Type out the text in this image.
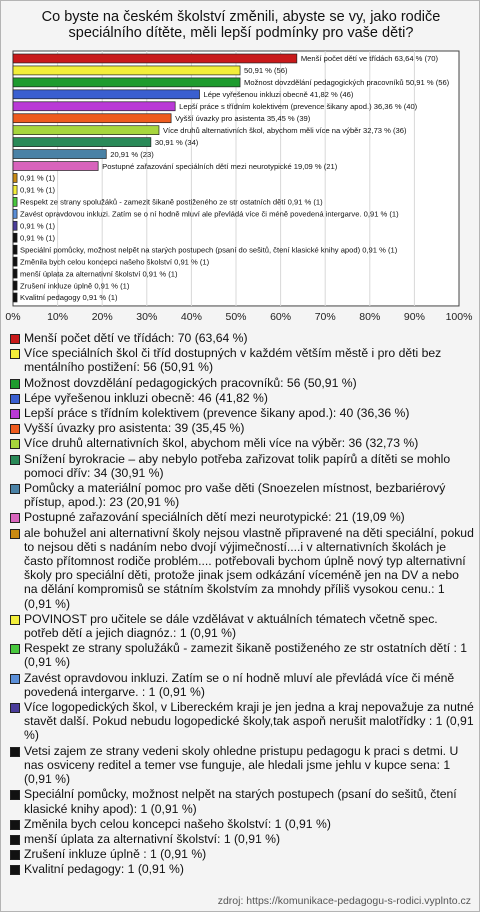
Co byste na českém školství změnili, abyste se vy, jako rodiče speciálního dítěte, měli lepší podmínky pro vaše děti?
0%	10% 20% 30% 40% 50% 60% 70% 80% 90% 100%
Menší počet dětí ve třídách 63,64 % (70)
50,91 % (56)
Možnost dovzdělání pedagogických pracovníků 50,91 % (56)
Lépe vyřešenou inkluzi obecně 41,82 % (46)
Lepší práce s třídním kolektivem (prevence šikany apod.) 36,36 % (40)
Vyšší úvazky pro asistenta 35,45 % (39)
Více druhů alternativních škol, abychom měli více na výběr 32,73 % (36)
30,91 % (34)
20,91 % (23)
Postupné zařazování speciálních dětí mezi neurotypické 19,09 % (21)
0,91 % (1)
0,91 % (1)
Respekt ze strany spolužáků - zamezit šikaně postiženého ze str ostatních dětí 0,91 % (1)
Zavést opravdovou inkluzi. Zatím se o ní hodně mluví ale převládá více či méně povedená intergarve. 0,91 % (1)
0,91 % (1)
0,91 % (1)
Speciální pomůcky, možnost nelpět na starých postupech (psaní do sešitů, čtení klasické knihy apod) 0,91 % (1)
Změnila bych celou koncepci našeho školství 0,91 % (1)
menší úplata za alternativní školství 0,91 % (1)
Zrušení inkluze úplně 0,91 % (1)
Kvalitní pedagogy 0,91 % (1)
Menší počet dětí ve třídách: 70 (63,64 %)
Více speciálních škol či tříd dostupných v každém větším městě i pro děti bez mentálního postižení: 56 (50,91 %)
Možnost dovzdělání pedagogických pracovníků: 56 (50,91 %)
Lépe vyřešenou inkluzi obecně: 46 (41,82 %)
Lepší práce s třídním kolektivem (prevence šikany apod.): 40 (36,36 %)
Vyšší úvazky pro asistenta: 39 (35,45 %)
Více druhů alternativních škol, abychom měli více na výběr: 36 (32,73 %)
Snížení byrokracie – aby nebylo potřeba zařizovat tolik papírů a dítěti se mohlo pomoci dřív: 34 (30,91 %)
Pomůcky a materiální pomoc pro vaše děti (Snoezelen místnost, bezbariérový přístup, apod.): 23 (20,91 %)
Postupné zařazování speciálních dětí mezi neurotypické: 21 (19,09 %)
ale bohužel ani alternativní školy nejsou vlastně připravené na děti speciální, pokud to nejsou děti s nadáním nebo dvojí výjimečností....i v alternativních školách je často přítomnost rodiče problém.... potřebovali bychom úplně nový typ alternativní školy pro speciální děti, protože jinak jsem odkázání víceméně jen na DV a nebo na dělání kompromisů se státním školstvím za mnohdy příliš vysokou cenu.: 1 (0,91 %)
POVINOST pro učitele se dále vzdělávat v aktuálních tématech včetně spec. potřeb dětí a jejich diagnóz.: 1 (0,91 %)
Respekt ze strany spolužáků - zamezit šikaně postiženého ze str ostatních dětí : 1 (0,91 %)
Zavést opravdovou inkluzi. Zatím se o ní hodně mluví ale převládá více či méně povedená intergarve. : 1 (0,91 %)
Více logopedických škol, v Libereckém kraji je jen jedna a kraj nepovažuje za nutné stavět další. Pokud nebudu logopedické školy,tak aspoň nerušit malotřídky : 1 (0,91 %)
Vetsi zajem ze strany vedeni skoly ohledne pristupu pedagogu k praci s detmi. U nas osviceny reditel a temer vse funguje, ale hledali jsme jehlu v kupce sena: 1 (0,91 %)
Speciální pomůcky, možnost nelpět na starých postupech (psaní do sešitů, čtení klasické knihy apod): 1 (0,91 %)
Změnila bych celou koncepci našeho školství: 1 (0,91 %)
menší úplata za alternativní školství: 1 (0,91 %)
Zrušení inkluze úplně : 1 (0,91 %)
Kvalitní pedagogy: 1 (0,91 %)
zdroj: https://komunikace-pedagogu-s-rodici.vyplnto.cz
